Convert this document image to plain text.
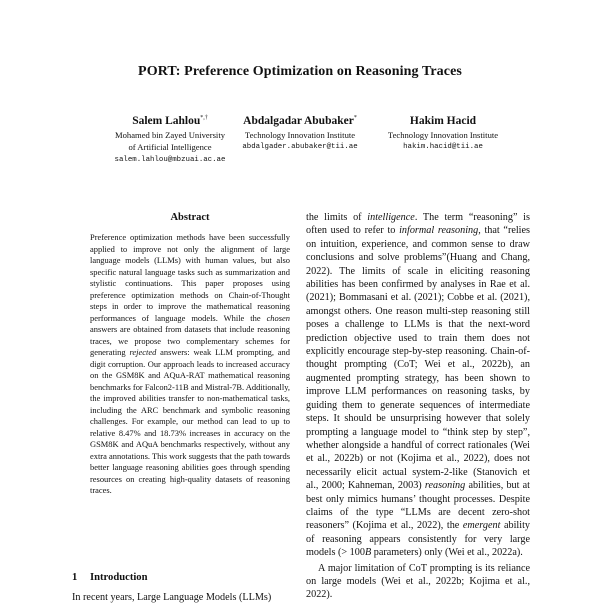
PORT: Preference Optimization on Reasoning Traces
Salem Lahlou*,†
Mohamed bin Zayed University
of Artificial Intelligence
salem.lahlou@mbzuai.ac.ae
Abdalgadar Abubaker*
Technology Innovation Institute
abdalgader.abubaker@tii.ae
Hakim Hacid
Technology Innovation Institute
hakim.hacid@tii.ae
Abstract
Preference optimization methods have been successfully applied to improve not only the alignment of large language models (LLMs) with human values, but also specific natural language tasks such as summarization and stylistic continuations. This paper proposes using preference optimization methods on Chain-of-Thought steps in order to improve the mathematical reasoning performances of language models. While the chosen answers are obtained from datasets that include reasoning traces, we propose two complementary schemes for generating rejected answers: weak LLM prompting, and digit corruption. Our approach leads to increased accuracy on the GSM8K and AQuA-RAT mathematical reasoning benchmarks for Falcon2-11B and Mistral-7B. Additionally, the improved abilities transfer to non-mathematical tasks, including the ARC benchmark and symbolic reasoning challenges. For example, our method can lead to up to relative 8.47% and 18.73% increases in accuracy on the GSM8K and AQuA benchmarks respectively, without any extra annotations. This work suggests that the path towards better language reasoning abilities goes through spending resources on creating high-quality datasets of reasoning traces.
1 Introduction
In recent years, Large Language Models (LLMs)

the limits of intelligence. The term “reasoning” is often used to refer to informal reasoning, that “relies on intuition, experience, and common sense to draw conclusions and solve problems”(Huang and Chang, 2022). The limits of scale in eliciting reasoning abilities has been confirmed by analyses in Rae et al. (2021); Bommasani et al. (2021); Cobbe et al. (2021), amongst others. One reason multi-step reasoning still poses a challenge to LLMs is that the next-word prediction objective used to train them does not explicitly encourage step-by-step reasoning. Chain-of-thought prompting (CoT; Wei et al., 2022b), an augmented prompting strategy, has been shown to improve LLM performances on reasoning tasks, by guiding them to generate sequences of intermediate steps. It should be unsurprising however that solely prompting a language model to “think step by step”, whether alongside a handful of correct rationales (Wei et al., 2022b) or not (Kojima et al., 2022), does not necessarily elicit actual system-2-like (Stanovich et al., 2000; Kahneman, 2003) reasoning abilities, but at best only mimics humans’ thought processes. Despite claims of the type “LLMs are decent zero-shot reasoners” (Kojima et al., 2022), the emergent ability of reasoning appears consistently for very large models (> 100B parameters) only (Wei et al., 2022a).

A major limitation of CoT prompting is its reliance on large models (Wei et al., 2022b; Kojima et al., 2022).
